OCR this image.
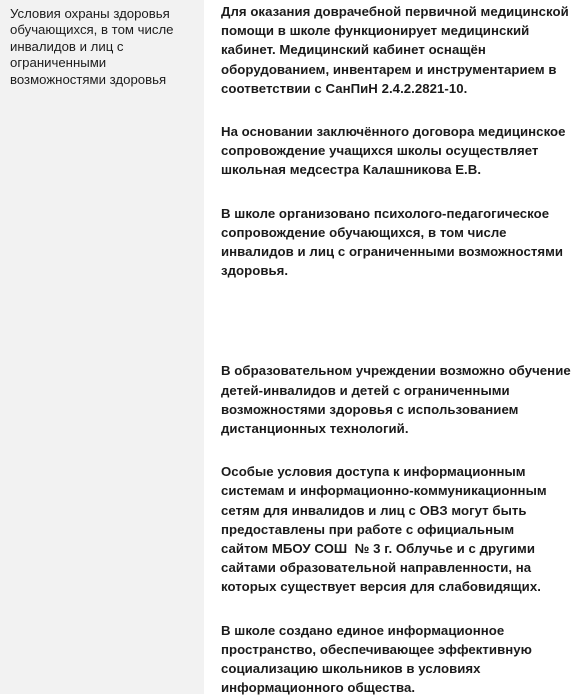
Условия охраны здоровья
обучающихся, в том числе
инвалидов и лиц с
ограниченными
возможностями здоровья

Для оказания доврачебной первичной медицинской
помощи в школе функционирует медицинский
кабинет. Медицинский кабинет оснащён
оборудованием, инвентарем и инструментарием в
соответствии с СанПиН 2.4.2.2821-10.

На основании заключённого договора медицинское
сопровождение учащихся школы осуществляет
школьная медсестра Калашникова Е.В.

В школе организовано психолого-педагогическое
сопровождение обучающихся, в том числе
инвалидов и лиц с ограниченными возможностями
здоровья.

В образовательном учреждении возможно обучение
детей-инвалидов и детей с ограниченными
возможностями здоровья с использованием
дистанционных технологий.

Особые условия доступа к информационным
системам и информационно-коммуникационным
сетям для инвалидов и лиц с ОВЗ могут быть
предоставлены при работе с официальным
сайтом МБОУ СОШ  № 3 г. Облучье и с другими
сайтами образовательной направленности, на
которых существует версия для слабовидящих.

В школе создано единое информационное
пространство, обеспечивающее эффективную
социализацию школьников в условиях
информационного общества.
